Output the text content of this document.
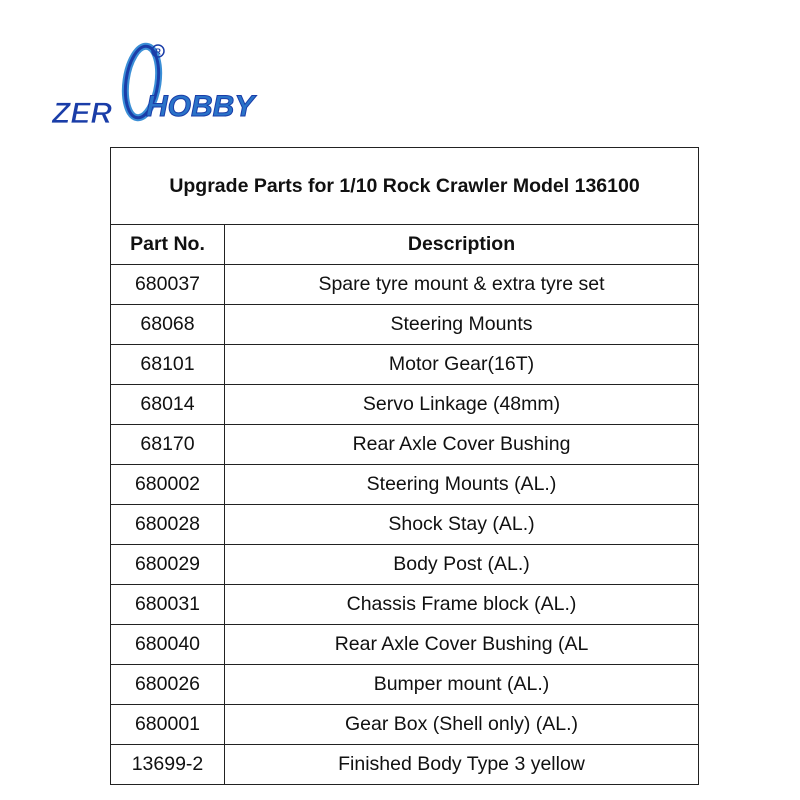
R
ZER HOBBY
Upgrade Parts for 1/10 Rock Crawler Model 136100	
Part No.	Description
680037	Spare tyre mount & extra tyre set
68068	Steering Mounts
68101	Motor Gear(16T)
68014	Servo Linkage (48mm)
68170	Rear Axle Cover Bushing
680002	Steering Mounts (AL.)
680028	Shock Stay (AL.)
680029	Body Post (AL.)
680031	Chassis Frame block (AL.)
680040	Rear Axle Cover Bushing (AL
680026	Bumper mount (AL.)
680001	Gear Box (Shell only) (AL.)
13699-2	Finished Body Type 3 yellow
